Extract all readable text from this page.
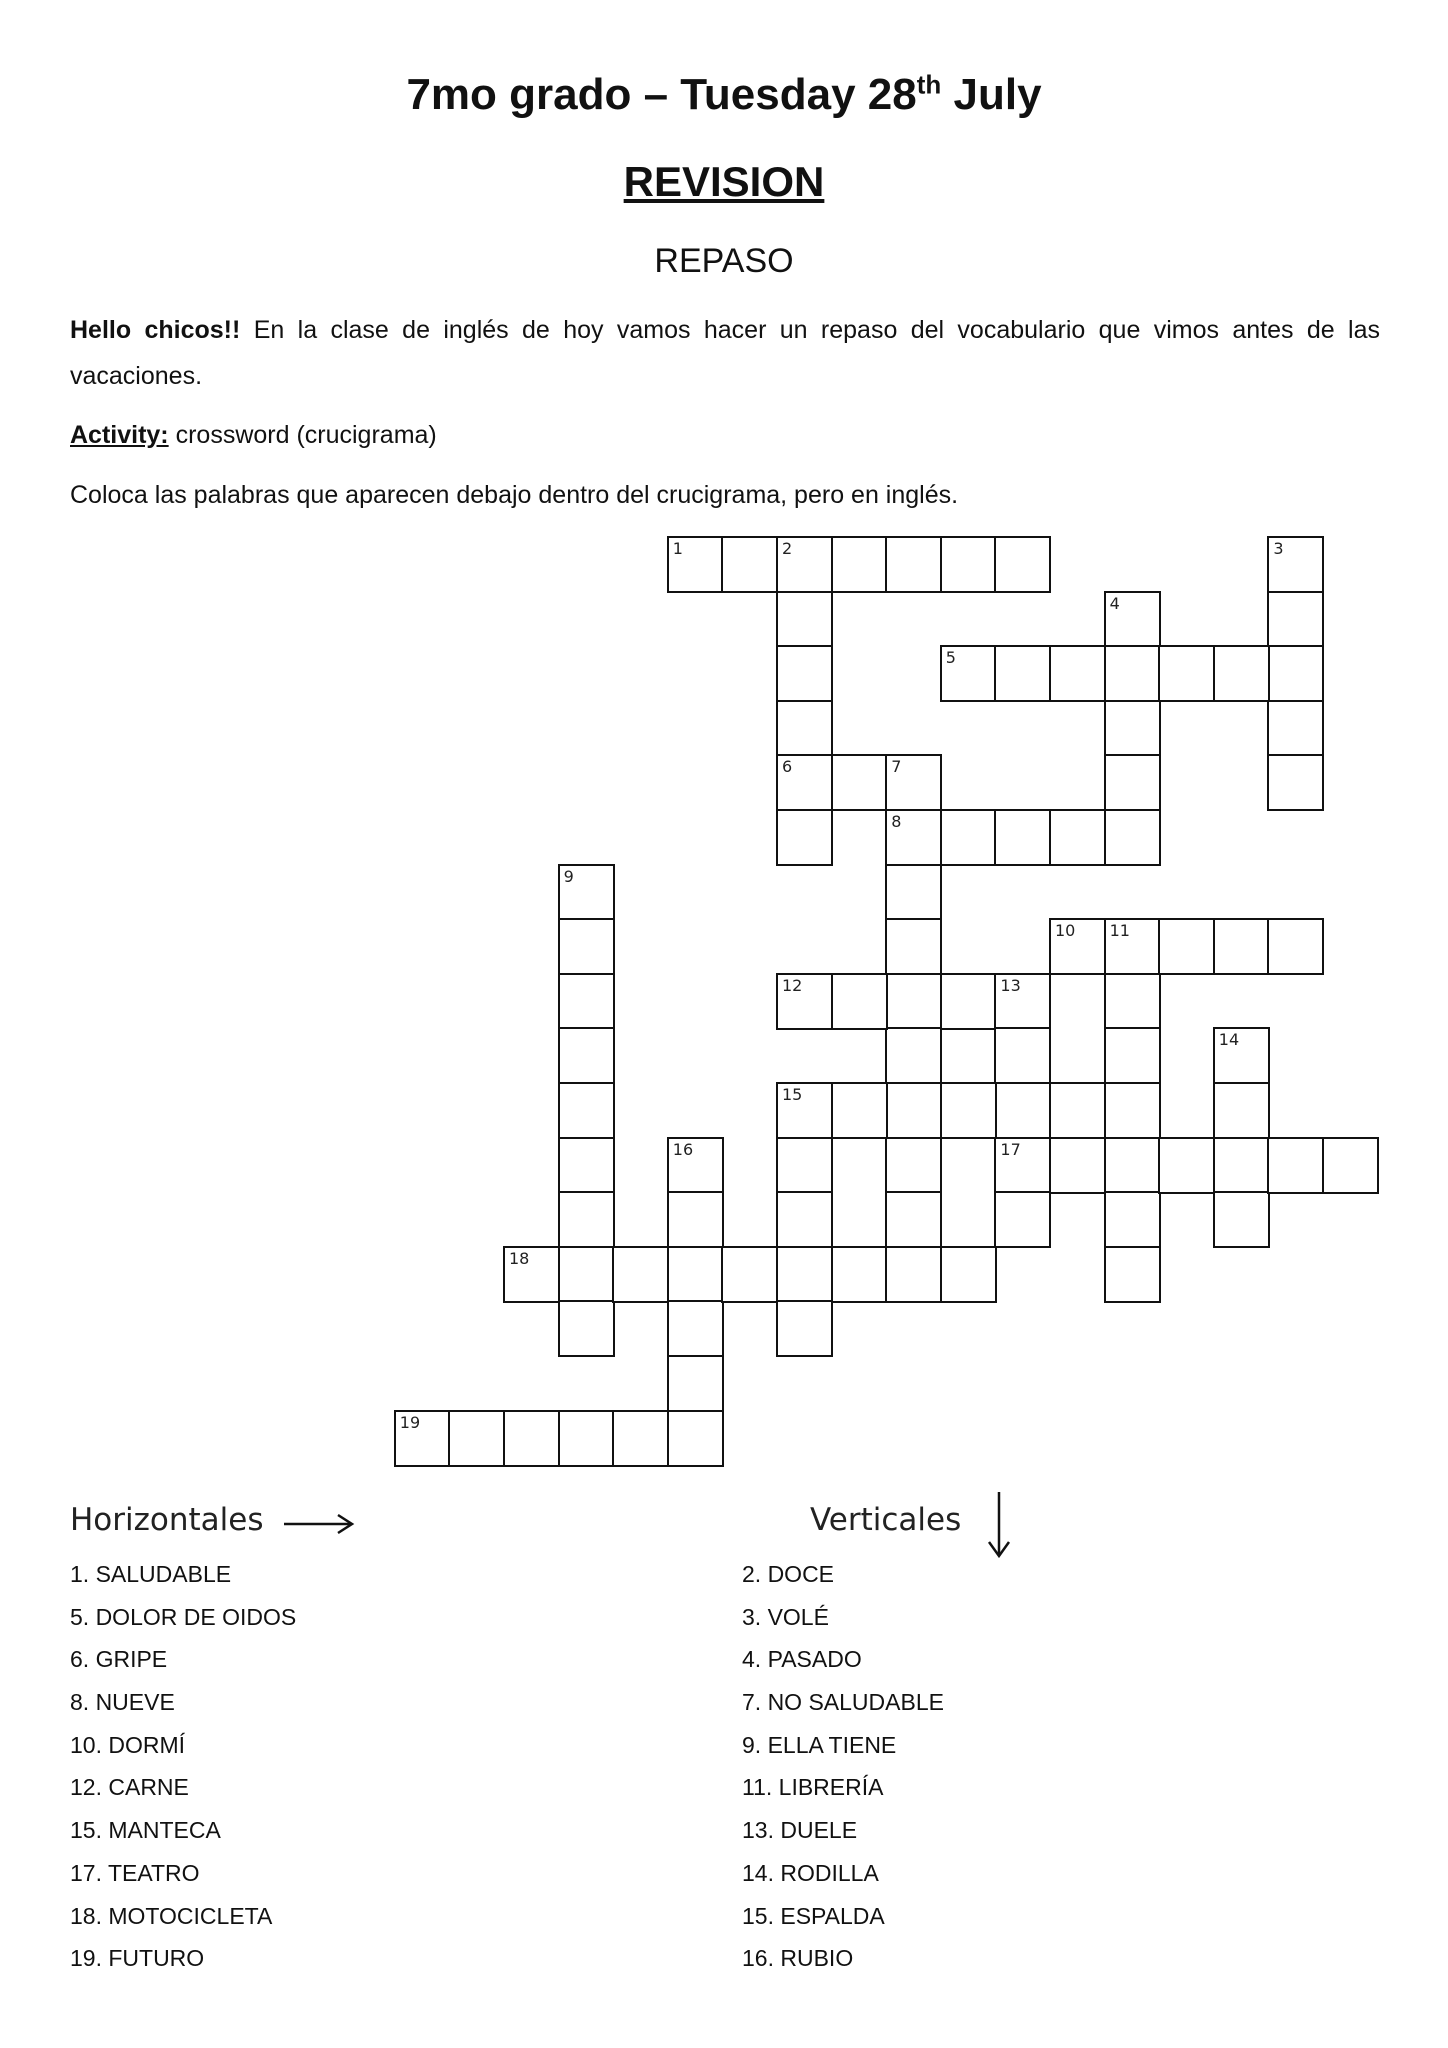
7mo grado – Tuesday 28th July
REVISION
REPASO
Hello chicos!! En la clase de inglés de hoy vamos hacer un repaso del vocabulario que vimos antes de las vacaciones.
Activity: crossword (crucigrama)
Coloca las palabras que aparecen debajo dentro del crucigrama, pero en inglés.
1	2
6
3
4
5
7
8
9
10 11
12	13
17
14
15
16
18
19
Horizontales	Verticales
1. SALUDABLE
5. DOLOR DE OIDOS
6. GRIPE
8. NUEVE
10. DORMÍ
12. CARNE
15. MANTECA
17. TEATRO
18. MOTOCICLETA
19. FUTURO
2. DOCE
3. VOLÉ
4. PASADO
7. NO SALUDABLE
9. ELLA TIENE
11. LIBRERÍA
13. DUELE
14. RODILLA
15. ESPALDA
16. RUBIO
